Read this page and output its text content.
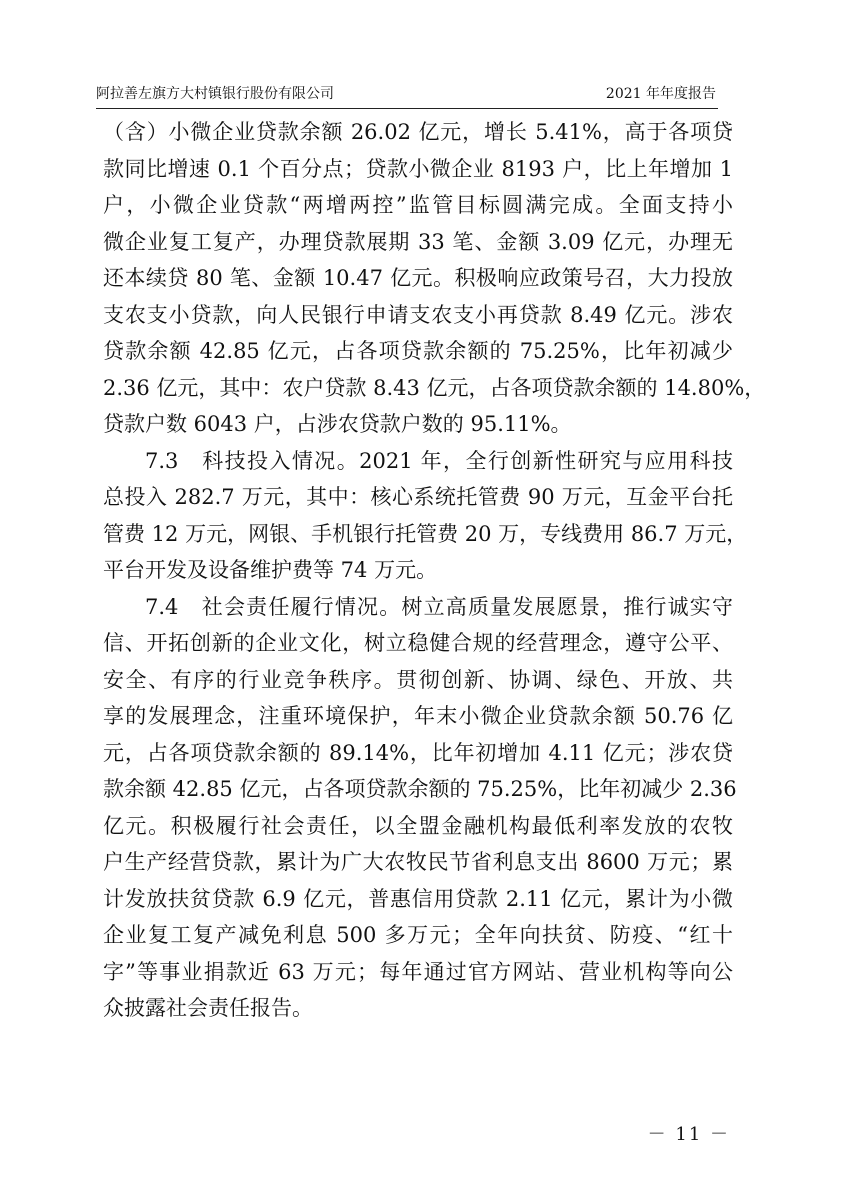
阿拉善左旗方大村镇银行股份有限公司	2021 年年度报告
（含）小微企业贷款余额 26.02 亿元，增长 5.41%，高于各项贷
款同比增速 0.1 个百分点；贷款小微企业 8193 户，比上年增加 1
户，小微企业贷款“两增两控”监管目标圆满完成。全面支持小
微企业复工复产，办理贷款展期 33 笔、金额 3.09 亿元，办理无
还本续贷 80 笔、金额 10.47 亿元。积极响应政策号召，大力投放
支农支小贷款，向人民银行申请支农支小再贷款 8.49 亿元。涉农
贷款余额 42.85 亿元，占各项贷款余额的 75.25%，比年初减少
2.36 亿元，其中：农户贷款 8.43 亿元，占各项贷款余额的 14.80%，
贷款户数 6043 户，占涉农贷款户数的 95.11%。
7.3　科技投入情况。2021 年，全行创新性研究与应用科技
总投入 282.7 万元，其中：核心系统托管费 90 万元，互金平台托
管费 12 万元，网银、手机银行托管费 20 万，专线费用 86.7 万元，
平台开发及设备维护费等 74 万元。
7.4　社会责任履行情况。树立高质量发展愿景，推行诚实守
信、开拓创新的企业文化，树立稳健合规的经营理念，遵守公平、
安全、有序的行业竞争秩序。贯彻创新、协调、绿色、开放、共
享的发展理念，注重环境保护，年末小微企业贷款余额 50.76 亿
元，占各项贷款余额的 89.14%，比年初增加 4.11 亿元；涉农贷
款余额 42.85 亿元，占各项贷款余额的 75.25%，比年初减少 2.36
亿元。积极履行社会责任，以全盟金融机构最低利率发放的农牧
户生产经营贷款，累计为广大农牧民节省利息支出 8600 万元；累
计发放扶贫贷款 6.9 亿元，普惠信用贷款 2.11 亿元，累计为小微
企业复工复产减免利息 500 多万元；全年向扶贫、防疫、“红十
字”等事业捐款近 63 万元；每年通过官方网站、营业机构等向公
众披露社会责任报告。
－ 11 －
